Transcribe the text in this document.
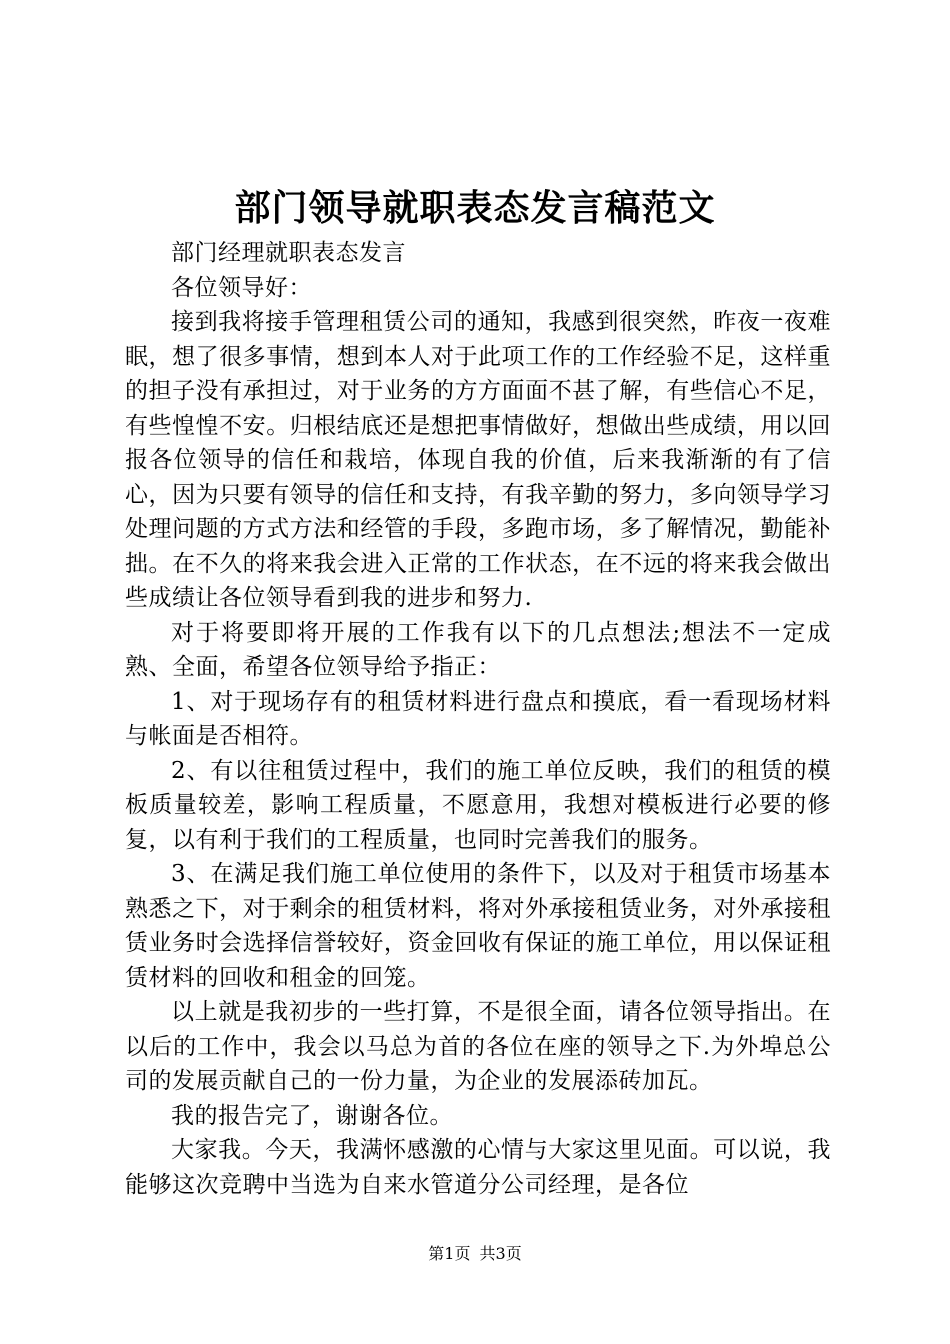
部门领导就职表态发言稿范文

部门经理就职表态发言

各位领导好：

接到我将接手管理租赁公司的通知，我感到很突然，昨夜一夜难眠，想了很多事情，想到本人对于此项工作的工作经验不足，这样重的担子没有承担过，对于业务的方方面面不甚了解，有些信心不足，有些惶惶不安。归根结底还是想把事情做好，想做出些成绩，用以回报各位领导的信任和栽培，体现自我的价值，后来我渐渐的有了信心，因为只要有领导的信任和支持，有我辛勤的努力，多向领导学习处理问题的方式方法和经管的手段，多跑市场，多了解情况，勤能补拙。在不久的将来我会进入正常的工作状态，在不远的将来我会做出些成绩让各位领导看到我的进步和努力.

对于将要即将开展的工作我有以下的几点想法;想法不一定成熟、全面，希望各位领导给予指正：

1、对于现场存有的租赁材料进行盘点和摸底，看一看现场材料与帐面是否相符。

2、有以往租赁过程中，我们的施工单位反映，我们的租赁的模板质量较差，影响工程质量，不愿意用，我想对模板进行必要的修复，以有利于我们的工程质量，也同时完善我们的服务。

3、在满足我们施工单位使用的条件下，以及对于租赁市场基本熟悉之下，对于剩余的租赁材料，将对外承接租赁业务，对外承接租赁业务时会选择信誉较好，资金回收有保证的施工单位，用以保证租赁材料的回收和租金的回笼。

以上就是我初步的一些打算，不是很全面，请各位领导指出。在以后的工作中，我会以马总为首的各位在座的领导之下.为外埠总公司的发展贡献自己的一份力量，为企业的发展添砖加瓦。

我的报告完了，谢谢各位。

大家我。今天，我满怀感激的心情与大家这里见面。可以说，我能够这次竞聘中当选为自来水管道分公司经理，是各位

第1页 共3页
